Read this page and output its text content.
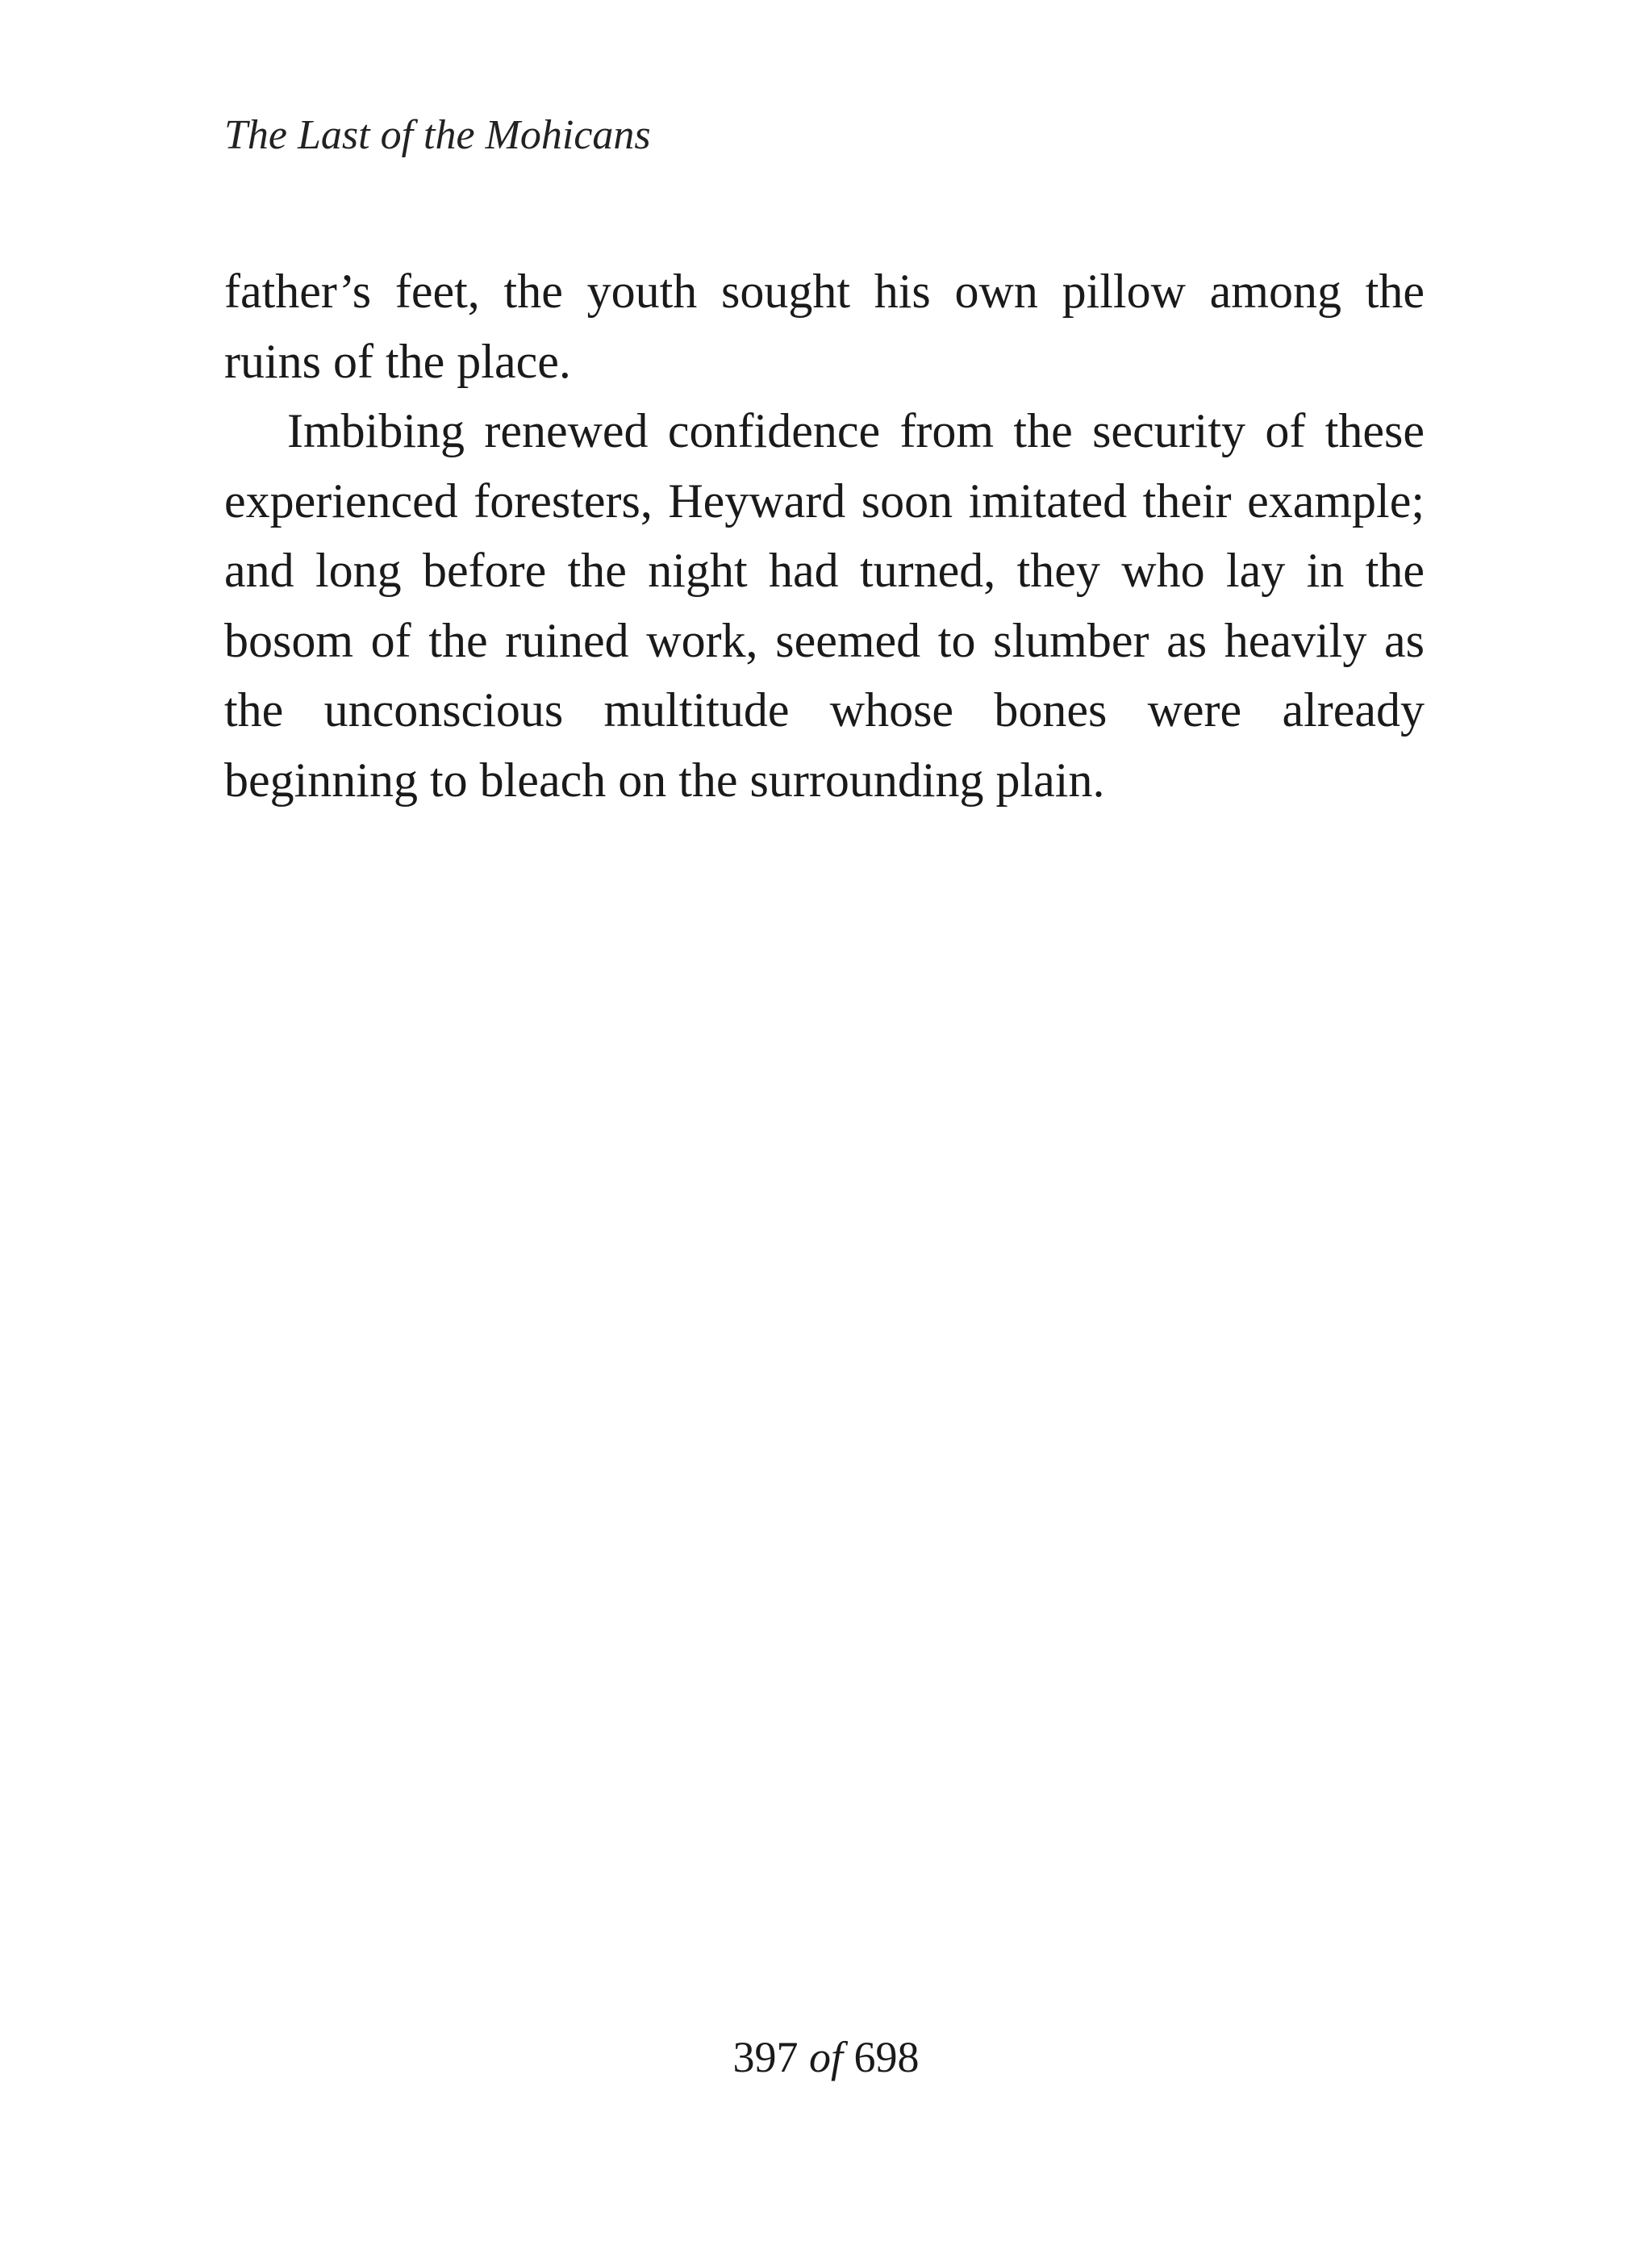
The Last of the Mohicans

father’s feet, the youth sought his own pillow among the ruins of the place.

Imbibing renewed confidence from the security of these experienced foresters, Heyward soon imitated their example; and long before the night had turned, they who lay in the bosom of the ruined work, seemed to slumber as heavily as the unconscious multitude whose bones were already beginning to bleach on the surrounding plain.

397 of 698
